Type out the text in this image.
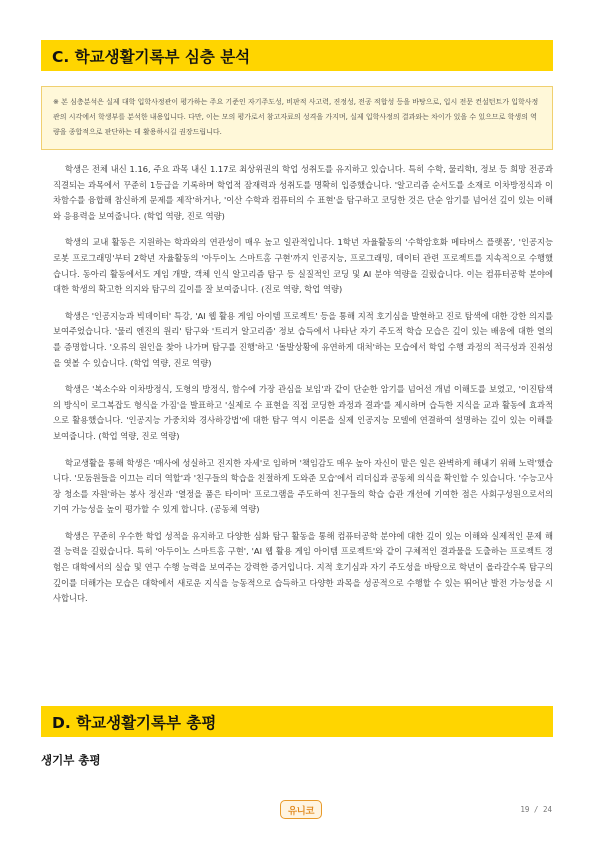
C. 학교생활기록부 심층 분석
※ 본 심층분석은 실제 대학 입학사정관이 평가하는 주요 기준인 자기주도성, 비판적 사고력, 진정성, 전공 적합성 등을 바탕으로, 입시 전문 컨설턴트가 입학사정관의 시각에서 학생부를 분석한 내용입니다. 다만, 이는 모의 평가로서 참고자료의 성격을 가지며, 실제 입학사정의 결과와는 차이가 있을 수 있으므로 학생의 역량을 종합적으로 판단하는 데 활용하시길 권장드립니다.

학생은 전체 내신 1.16, 주요 과목 내신 1.17로 최상위권의 학업 성취도를 유지하고 있습니다. 특히 수학, 물리학I, 정보 등 희망 전공과 직결되는 과목에서 꾸준히 1등급을 기록하며 학업적 잠재력과 성취도를 명확히 입증했습니다. '알고리즘 순서도를 소재로 이차방정식과 이차함수를 융합해 참신하게 문제를 제작'하거나, '이산 수학과 컴퓨터의 수 표현'을 탐구하고 코딩한 것은 단순 암기를 넘어선 깊이 있는 이해와 응용력을 보여줍니다. (학업 역량, 진로 역량)

학생의 교내 활동은 지원하는 학과와의 연관성이 매우 높고 일관적입니다. 1학년 자율활동의 '수학암호화 메타버스 플랫폼', '인공지능 로봇 프로그래밍'부터 2학년 자율활동의 '아두이노 스마트홈 구현'까지 인공지능, 프로그래밍, 데이터 관련 프로젝트를 지속적으로 수행했습니다. 동아리 활동에서도 게임 개발, 객체 인식 알고리즘 탐구 등 실질적인 코딩 및 AI 분야 역량을 길렀습니다. 이는 컴퓨터공학 분야에 대한 학생의 확고한 의지와 탐구의 깊이를 잘 보여줍니다. (진로 역량, 학업 역량)

학생은 '인공지능과 빅데이터' 특강, 'AI 웹 활용 게임 아이템 프로젝트' 등을 통해 지적 호기심을 발현하고 진로 탐색에 대한 강한 의지를 보여주었습니다. '물리 엔진의 원리' 탐구와 '트리거 알고리즘' 정보 습득에서 나타난 자기 주도적 학습 모습은 깊이 있는 배움에 대한 열의를 증명합니다. '오류의 원인을 찾아 나가며 탐구를 진행'하고 '돌발상황에 유연하게 대처'하는 모습에서 학업 수행 과정의 적극성과 진취성을 엿볼 수 있습니다. (학업 역량, 진로 역량)

학생은 '복소수와 이차방정식, 도형의 방정식, 함수에 가장 관심을 보임'과 같이 단순한 암기를 넘어선 개념 이해도를 보였고, '이진탐색의 방식이 로그복잡도 형식을 가짐'을 발표하고 '실제로 수 표현을 직접 코딩한 과정과 결과'를 제시하며 습득한 지식을 교과 활동에 효과적으로 활용했습니다. '인공지능 가중치와 경사하강법'에 대한 탐구 역시 이론을 실제 인공지능 모델에 연결하여 설명하는 깊이 있는 이해를 보여줍니다. (학업 역량, 진로 역량)

학교생활을 통해 학생은 '매사에 성실하고 진지한 자세'로 임하며 '책임감도 매우 높아 자신이 맡은 일은 완벽하게 해내기 위해 노력'했습니다. '모둠원들을 이끄는 리더 역할'과 '친구들의 학습을 친절하게 도와준 모습'에서 리더십과 공동체 의식을 확인할 수 있습니다. '수능고사장 청소를 자원'하는 봉사 정신과 '열정을 품은 타이머' 프로그램을 주도하여 친구들의 학습 습관 개선에 기여한 점은 사회구성원으로서의 기여 가능성을 높이 평가할 수 있게 합니다. (공동체 역량)

학생은 꾸준히 우수한 학업 성적을 유지하고 다양한 심화 탐구 활동을 통해 컴퓨터공학 분야에 대한 깊이 있는 이해와 실제적인 문제 해결 능력을 길렀습니다. 특히 '아두이노 스마트홈 구현', 'AI 웹 활용 게임 아이템 프로젝트'와 같이 구체적인 결과물을 도출하는 프로젝트 경험은 대학에서의 실습 및 연구 수행 능력을 보여주는 강력한 증거입니다. 지적 호기심과 자기 주도성을 바탕으로 학년이 올라갈수록 탐구의 깊이를 더해가는 모습은 대학에서 새로운 지식을 능동적으로 습득하고 다양한 과목을 성공적으로 수행할 수 있는 뛰어난 발전 가능성을 시사합니다.

D. 학교생활기록부 총평
생기부 총평
유니코	19 / 24
